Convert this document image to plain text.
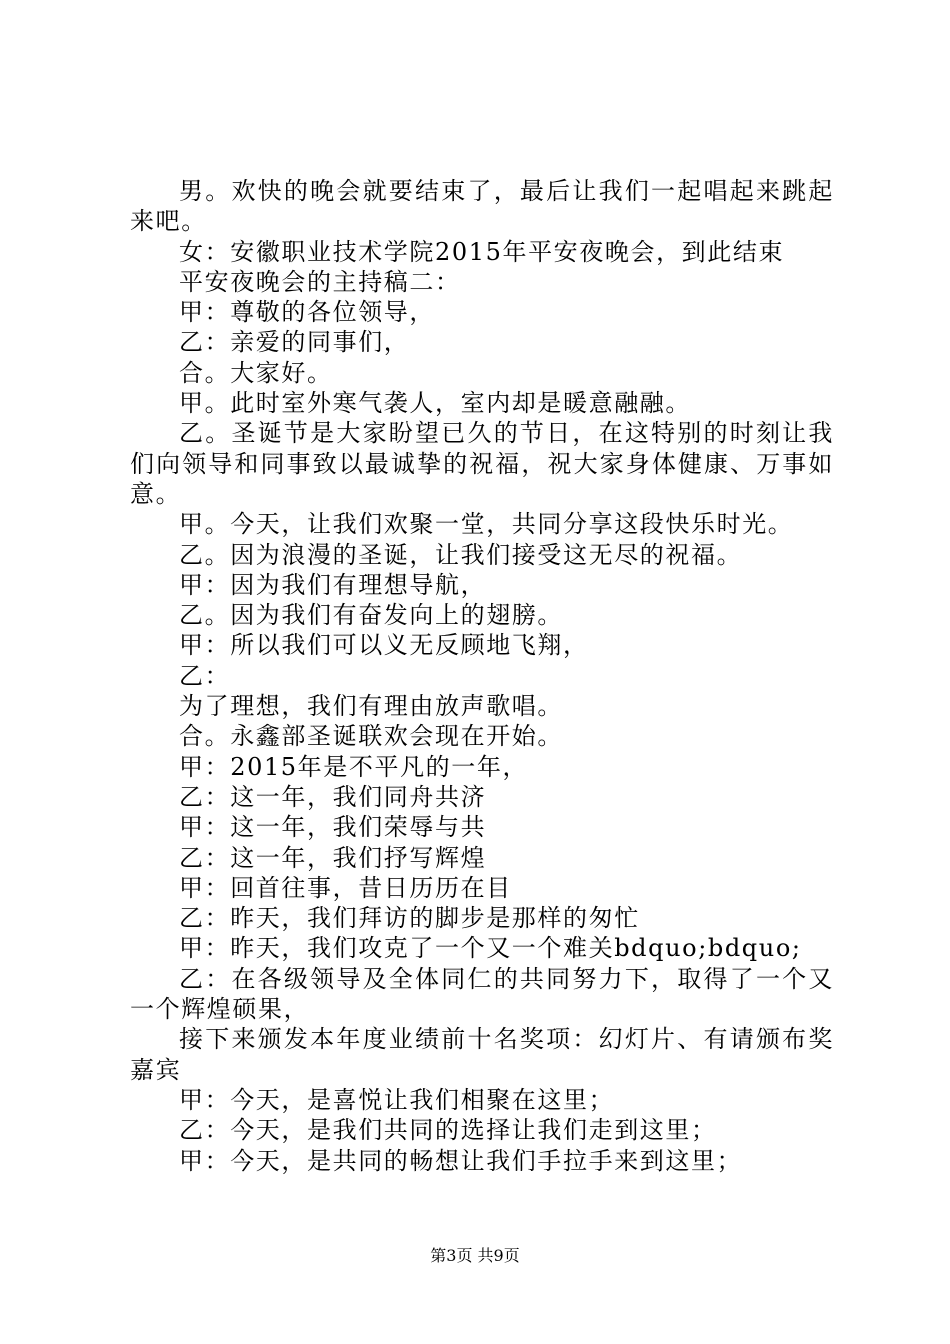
男。欢快的晚会就要结束了，最后让我们一起唱起来跳起来吧。

女：安徽职业技术学院2015年平安夜晚会，到此结束

平安夜晚会的主持稿二：

甲：尊敬的各位领导，

乙：亲爱的同事们，

合。大家好。

甲。此时室外寒气袭人，室内却是暖意融融。

乙。圣诞节是大家盼望已久的节日，在这特别的时刻让我们向领导和同事致以最诚挚的祝福，祝大家身体健康、万事如意。

甲。今天，让我们欢聚一堂，共同分享这段快乐时光。

乙。因为浪漫的圣诞，让我们接受这无尽的祝福。

甲：因为我们有理想导航，

乙。因为我们有奋发向上的翅膀。

甲：所以我们可以义无反顾地飞翔，

乙：

为了理想，我们有理由放声歌唱。

合。永鑫部圣诞联欢会现在开始。

甲：2015年是不平凡的一年，

乙：这一年，我们同舟共济

甲：这一年，我们荣辱与共

乙：这一年，我们抒写辉煌

甲：回首往事，昔日历历在目

乙：昨天，我们拜访的脚步是那样的匆忙

甲：昨天，我们攻克了一个又一个难关bdquo;bdquo;

乙：在各级领导及全体同仁的共同努力下，取得了一个又一个辉煌硕果，

接下来颁发本年度业绩前十名奖项：幻灯片、有请颁布奖嘉宾

甲：今天，是喜悦让我们相聚在这里；

乙：今天，是我们共同的选择让我们走到这里；

甲：今天，是共同的畅想让我们手拉手来到这里；

第3页 共9页
